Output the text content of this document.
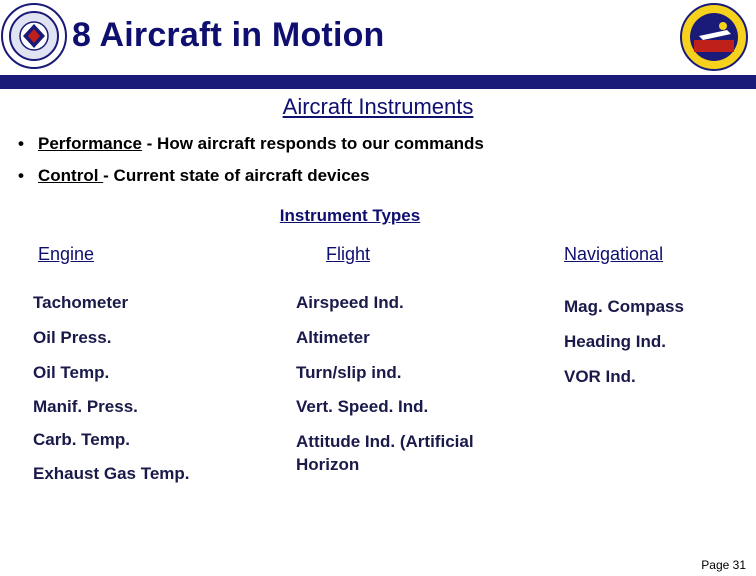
8 Aircraft in Motion
Aircraft Instruments
• Performance - How aircraft responds to our commands
• Control - Current state of aircraft devices
Instrument Types
Engine	Flight	Navigational
Tachometer
Oil Press.
Oil Temp.
Manif. Press.
Carb. Temp.
Exhaust Gas Temp.
Airspeed Ind.
Altimeter
Turn/slip ind.
Vert. Speed. Ind.
Attitude Ind. (Artificial Horizon
Mag. Compass
Heading Ind.
VOR Ind.
Page 31
